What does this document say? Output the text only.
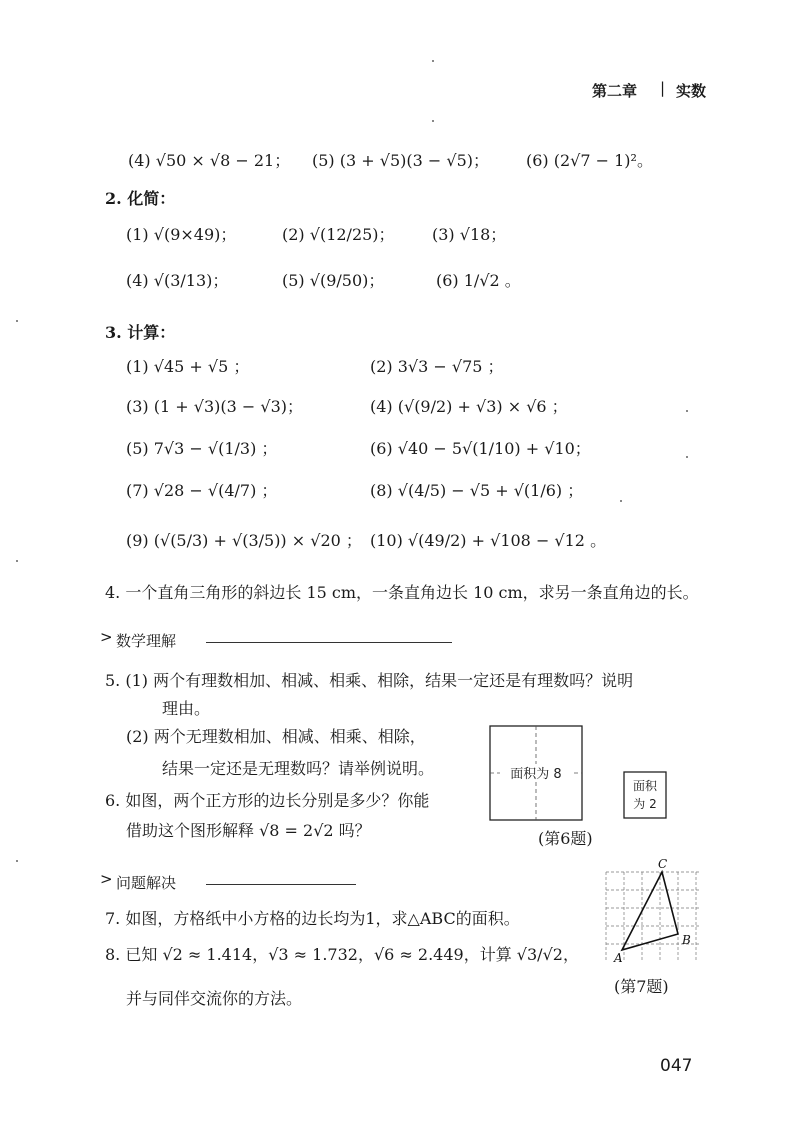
第二章 | 实数
(4) √50 × √8 − 21； (5) (3 + √5)(3 − √5)； (6) (2√7 − 1)²。
2. 化简：
(1) √(9×49)；	(2) √(12/25)； (3) √18；
(4) √(3/13)；	(5) √(9/50)；	(6) 1/√2 。
3. 计算：
(1) √45 + √5 ；	(2) 3√3 − √75 ；
(3) (1 + √3)(3 − √3)；	(4) (√(9/2) + √3) × √6 ；
(5) 7√3 − √(1/3) ；	(6) √40 − 5√(1/10) + √10；
(7) √28 − √(4/7) ；	(8) √(4/5) − √5 + √(1/6) ；
(9) (√(5/3) + √(3/5)) × √20 ； (10) √(49/2) + √108 − √12 。
4. 一个直角三角形的斜边长 15 cm，一条直角边长 10 cm，求另一条直角边的长。
> 数学理解
5. (1) 两个有理数相加、相减、相乘、相除，结果一定还是有理数吗？说明
理由。
(2) 两个无理数相加、相减、相乘、相除，
结果一定还是无理数吗？请举例说明。
6. 如图，两个正方形的边长分别是多少？你能
借助这个图形解释 √8 = 2√2 吗？
面积为 8
面积
为 2
(第6题)
> 问题解决
7. 如图，方格纸中小方格的边长均为1，求△ABC的面积。
8. 已知 √2 ≈ 1.414，√3 ≈ 1.732，√6 ≈ 2.449，计算 √3/√2，
并与同伴交流你的方法。
A
B
C
(第7题)
047
